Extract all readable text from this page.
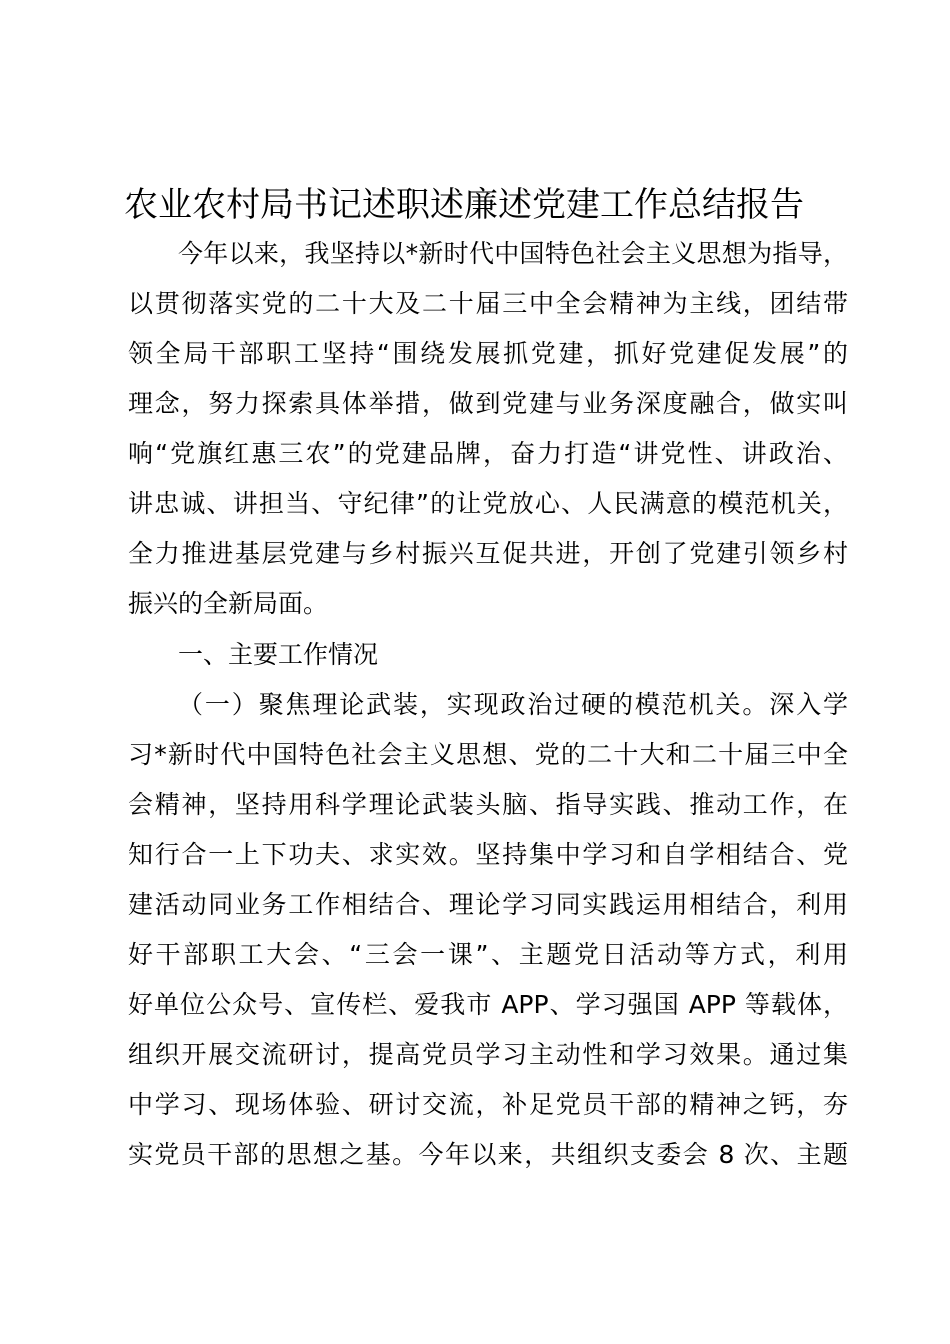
农业农村局书记述职述廉述党建工作总结报告

今年以来，我坚持以*新时代中国特色社会主义思想为指导，

以贯彻落实党的二十大及二十届三中全会精神为主线，团结带

领全局干部职工坚持“围绕发展抓党建，抓好党建促发展”的

理念，努力探索具体举措，做到党建与业务深度融合，做实叫

响“党旗红惠三农”的党建品牌，奋力打造“讲党性、讲政治、

讲忠诚、讲担当、守纪律”的让党放心、人民满意的模范机关，

全力推进基层党建与乡村振兴互促共进，开创了党建引领乡村

振兴的全新局面。

一、主要工作情况

（一）聚焦理论武装，实现政治过硬的模范机关。深入学

习*新时代中国特色社会主义思想、党的二十大和二十届三中全

会精神，坚持用科学理论武装头脑、指导实践、推动工作，在

知行合一上下功夫、求实效。坚持集中学习和自学相结合、党

建活动同业务工作相结合、理论学习同实践运用相结合，利用

好干部职工大会、“三会一课”、主题党日活动等方式，利用

好单位公众号、宣传栏、爱我市 APP、学习强国 APP 等载体，

组织开展交流研讨，提高党员学习主动性和学习效果。通过集

中学习、现场体验、研讨交流，补足党员干部的精神之钙，夯

实党员干部的思想之基。今年以来，共组织支委会 8 次、主题
